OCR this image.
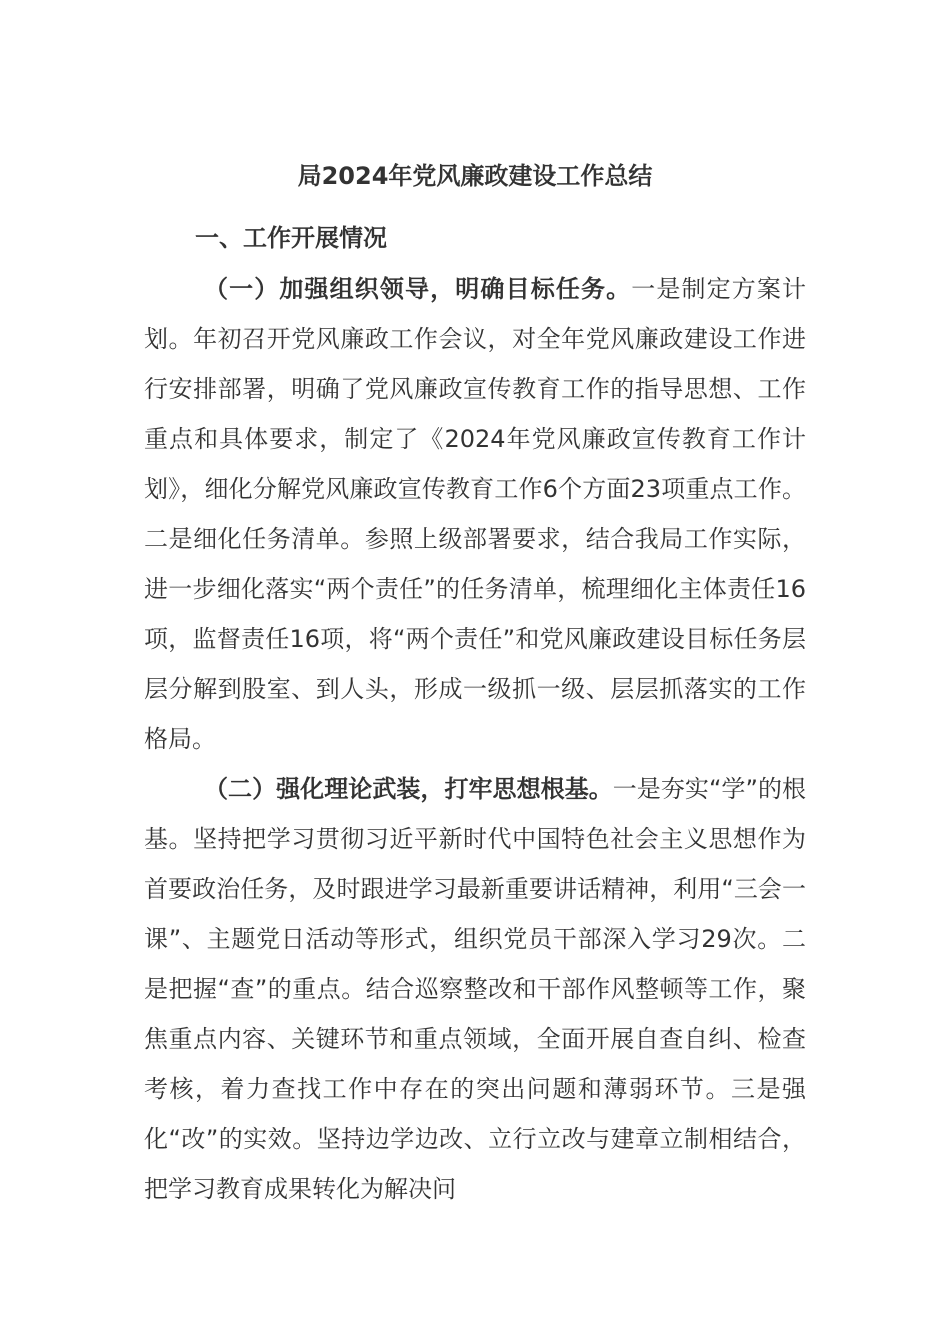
局2024年党风廉政建设工作总结
一、工作开展情况

（一）加强组织领导，明确目标任务。一是制定方案计划。年初召开党风廉政工作会议，对全年党风廉政建设工作进行安排部署，明确了党风廉政宣传教育工作的指导思想、工作重点和具体要求，制定了《2024年党风廉政宣传教育工作计划》，细化分解党风廉政宣传教育工作6个方面23项重点工作。二是细化任务清单。参照上级部署要求，结合我局工作实际，进一步细化落实“两个责任”的任务清单，梳理细化主体责任16项，监督责任16项，将“两个责任”和党风廉政建设目标任务层层分解到股室、到人头，形成一级抓一级、层层抓落实的工作格局。

（二）强化理论武装，打牢思想根基。一是夯实“学”的根基。坚持把学习贯彻习近平新时代中国特色社会主义思想作为首要政治任务，及时跟进学习最新重要讲话精神，利用“三会一课”、主题党日活动等形式，组织党员干部深入学习29次。二是把握“查”的重点。结合巡察整改和干部作风整顿等工作，聚焦重点内容、关键环节和重点领域，全面开展自查自纠、检查考核，着力查找工作中存在的突出问题和薄弱环节。三是强化“改”的实效。坚持边学边改、立行立改与建章立制相结合，把学习教育成果转化为解决问
